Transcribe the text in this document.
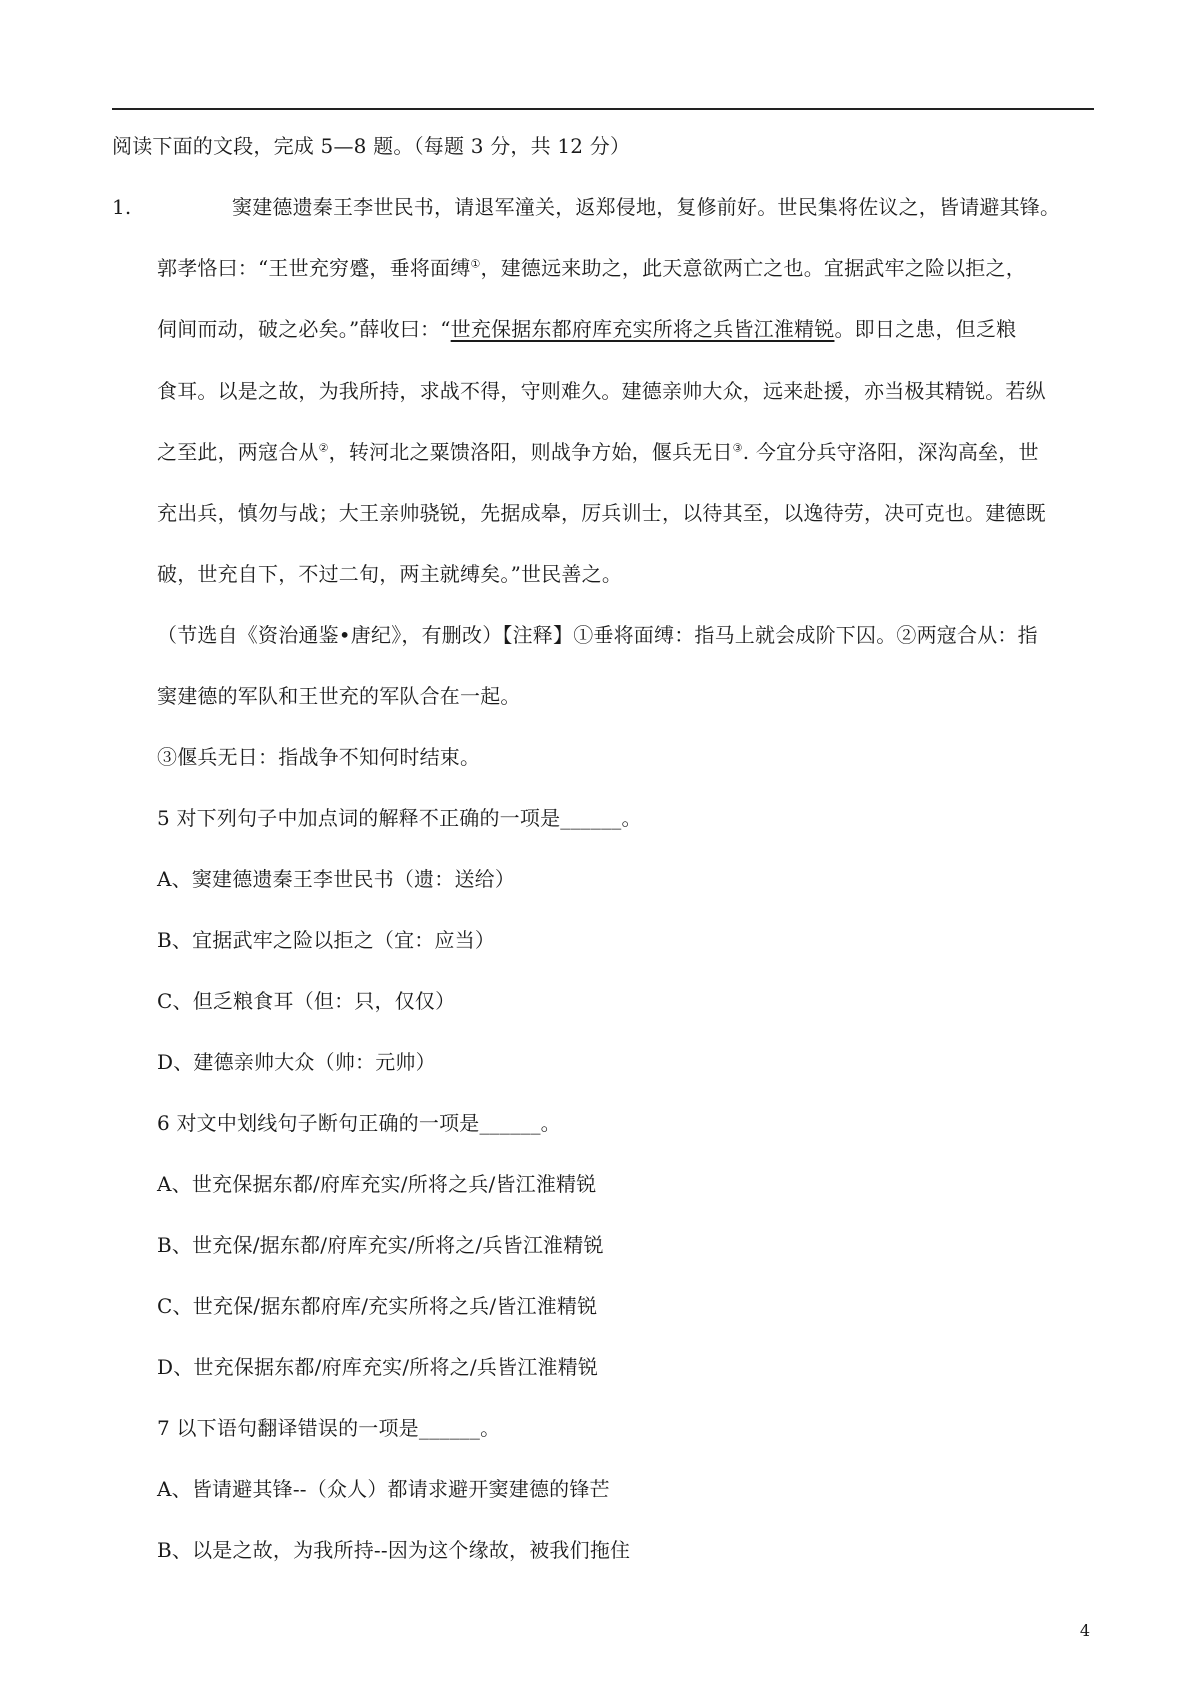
阅读下面的文段，完成 5—8 题。（每题 3 分，共 12 分）
1.	窦建德遗秦王李世民书，请退军潼关，返郑侵地，复修前好。世民集将佐议之，皆请避其锋。
郭孝恪曰：“王世充穷蹙，垂将面缚①，建德远来助之，此天意欲两亡之也。宜据武牢之险以拒之，
伺间而动，破之必矣。”薛收曰：“世充保据东都府库充实所将之兵皆江淮精锐。即日之患，但乏粮
食耳。以是之故，为我所持，求战不得，守则难久。建德亲帅大众，远来赴援，亦当极其精锐。若纵
之至此，两寇合从②，转河北之粟馈洛阳，则战争方始，偃兵无日③. 今宜分兵守洛阳，深沟高垒，世
充出兵，慎勿与战；大王亲帅骁锐，先据成皋，厉兵训士，以待其至，以逸待劳，决可克也。建德既
破，世充自下，不过二旬，两主就缚矣。”世民善之。
（节选自《资治通鉴•唐纪》，有删改）【注释】①垂将面缚：指马上就会成阶下囚。②两寇合从：指
窦建德的军队和王世充的军队合在一起。
③偃兵无日：指战争不知何时结束。
5 对下列句子中加点词的解释不正确的一项是______。
A、窦建德遗秦王李世民书（遗：送给）
B、宜据武牢之险以拒之（宜：应当）
C、但乏粮食耳（但：只，仅仅）
D、建德亲帅大众（帅：元帅）
6 对文中划线句子断句正确的一项是______。
A、世充保据东都/府库充实/所将之兵/皆江淮精锐
B、世充保/据东都/府库充实/所将之/兵皆江淮精锐
C、世充保/据东都府库/充实所将之兵/皆江淮精锐
D、世充保据东都/府库充实/所将之/兵皆江淮精锐
7 以下语句翻译错误的一项是______。
A、皆请避其锋--（众人）都请求避开窦建德的锋芒
B、以是之故，为我所持--因为这个缘故，被我们拖住
4
